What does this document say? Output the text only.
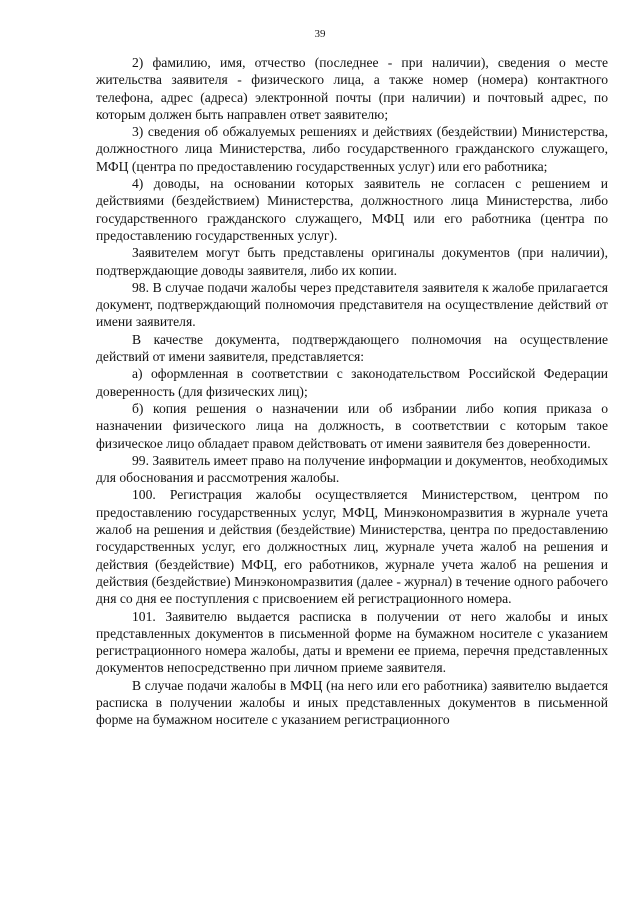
39

2) фамилию, имя, отчество (последнее - при наличии), сведения о месте жительства заявителя - физического лица, а также номер (номера) контактного телефона, адрес (адреса) электронной почты (при наличии) и почтовый адрес, по которым должен быть направлен ответ заявителю;

3) сведения об обжалуемых решениях и действиях (бездействии) Министерства, должностного лица Министерства, либо государственного гражданского служащего, МФЦ (центра по предоставлению государственных услуг) или его работника;

4) доводы, на основании которых заявитель не согласен с решением и действиями (бездействием) Министерства, должностного лица Министерства, либо государственного гражданского служащего, МФЦ или его работника (центра по предоставлению государственных услуг).

Заявителем могут быть представлены оригиналы документов (при наличии), подтверждающие доводы заявителя, либо их копии.

98. В случае подачи жалобы через представителя заявителя к жалобе прилагается документ, подтверждающий полномочия представителя на осуществление действий от имени заявителя.

В качестве документа, подтверждающего полномочия на осуществление действий от имени заявителя, представляется:

а) оформленная в соответствии с законодательством Российской Федерации доверенность (для физических лиц);

б) копия решения о назначении или об избрании либо копия приказа о назначении физического лица на должность, в соответствии с которым такое физическое лицо обладает правом действовать от имени заявителя без доверенности.

99. Заявитель имеет право на получение информации и документов, необходимых для обоснования и рассмотрения жалобы.

100. Регистрация жалобы осуществляется Министерством, центром по предоставлению государственных услуг, МФЦ, Минэкономразвития в журнале учета жалоб на решения и действия (бездействие) Министерства, центра по предоставлению государственных услуг, его должностных лиц, журнале учета жалоб на решения и действия (бездействие) МФЦ, его работников, журнале учета жалоб на решения и действия (бездействие) Минэкономразвития (далее - журнал) в течение одного рабочего дня со дня ее поступления с присвоением ей регистрационного номера.

101. Заявителю выдается расписка в получении от него жалобы и иных представленных документов в письменной форме на бумажном носителе с указанием регистрационного номера жалобы, даты и времени ее приема, перечня представленных документов непосредственно при личном приеме заявителя.

В случае подачи жалобы в МФЦ (на него или его работника) заявителю выдается расписка в получении жалобы и иных представленных документов в письменной форме на бумажном носителе с указанием регистрационного
